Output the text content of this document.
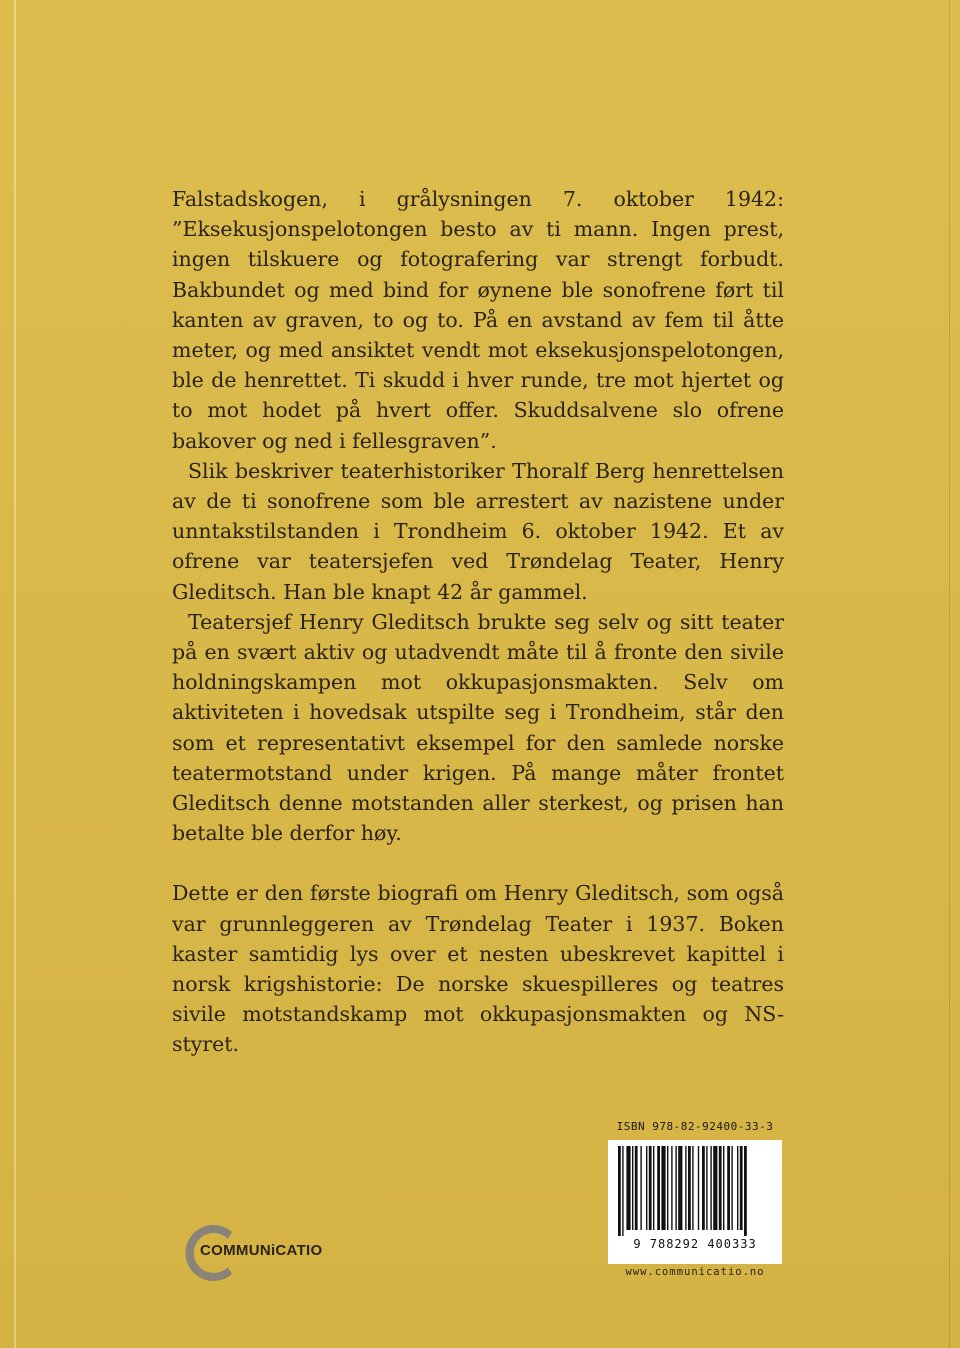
Falstadskogen, i grålysningen 7. oktober 1942: ”Eksekusjonspelotongen besto av ti mann. Ingen prest, ingen tilskuere og fotografering var strengt forbudt. Bakbundet og med bind for øynene ble sonofrene ført til kanten av graven, to og to. På en avstand av fem til åtte meter, og med ansiktet vendt mot eksekusjonspelotongen, ble de henrettet. Ti skudd i hver runde, tre mot hjertet og to mot hodet på hvert offer. Skuddsalvene slo ofrene bakover og ned i fellesgraven”.

Slik beskriver teaterhistoriker Thoralf Berg henrettelsen av de ti sonofrene som ble arrestert av nazistene under unntakstilstanden i Trondheim 6. oktober 1942. Et av ofrene var teatersjefen ved Trøndelag Teater, Henry Gleditsch. Han ble knapt 42 år gammel.

Teatersjef Henry Gleditsch brukte seg selv og sitt teater på en svært aktiv og utadvendt måte til å fronte den sivile holdningskampen mot okkupasjonsmakten. Selv om aktiviteten i hovedsak utspilte seg i Trondheim, står den som et representativt eksempel for den samlede norske teatermotstand under krigen. På mange måter frontet Gleditsch denne motstanden aller sterkest, og prisen han betalte ble derfor høy.

Dette er den første biografi om Henry Gleditsch, som også var grunnleggeren av Trøndelag Teater i 1937. Boken kaster samtidig lys over et nesten ubeskrevet kapittel i norsk krigshistorie: De norske skuespilleres og teatres sivile motstandskamp mot okkupasjonsmakten og NS-styret.

COMMUNiCATIO
ISBN 978-82-92400-33-3
9 788292 400333
www.communicatio.no
